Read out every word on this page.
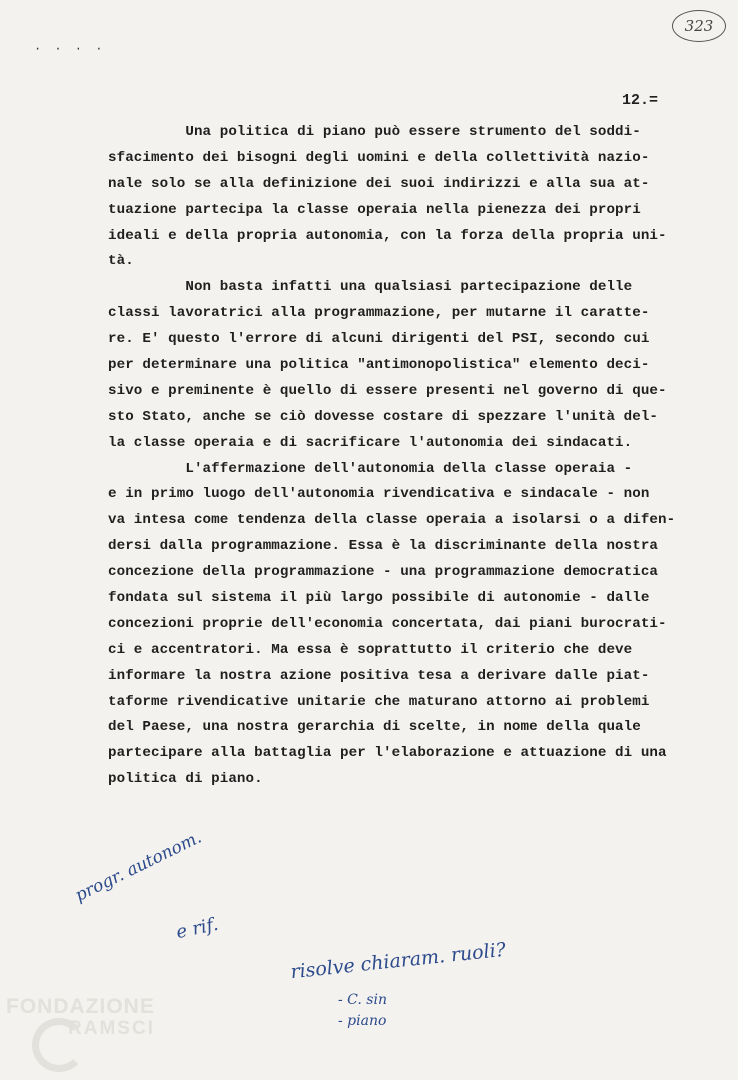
· · · ·
323
12.=
Una politica di piano può essere strumento del soddi-
sfacimento dei bisogni degli uomini e della collettività nazio-
nale solo se alla definizione dei suoi indirizzi e alla sua at-
tuazione partecipa la classe operaia nella pienezza dei propri
ideali e della propria autonomia, con la forza della propria uni-
tà.
Non basta infatti una qualsiasi partecipazione delle
classi lavoratrici alla programmazione, per mutarne il caratte-
re. E' questo l'errore di alcuni dirigenti del PSI, secondo cui
per determinare una politica "antimonopolistica" elemento deci-
sivo e preminente è quello di essere presenti nel governo di que-
sto Stato, anche se ciò dovesse costare di spezzare l'unità del-
la classe operaia e di sacrificare l'autonomia dei sindacati.
L'affermazione dell'autonomia della classe operaia -
e in primo luogo dell'autonomia rivendicativa e sindacale - non
va intesa come tendenza della classe operaia a isolarsi o a difen-
dersi dalla programmazione. Essa è la discriminante della nostra
concezione della programmazione - una programmazione democratica
fondata sul sistema il più largo possibile di autonomie - dalle
concezioni proprie dell'economia concertata, dai piani burocrati-
ci e accentratori. Ma essa è soprattutto il criterio che deve
informare la nostra azione positiva tesa a derivare dalle piat-
taforme rivendicative unitarie che maturano attorno ai problemi
del Paese, una nostra gerarchia di scelte, in nome della quale
partecipare alla battaglia per l'elaborazione e attuazione di una
politica di piano.
progr. autonom.
e rif.
risolve chiaram. ruoli?
- C. sin
- piano
FONDAZIONE
RAMSCI
